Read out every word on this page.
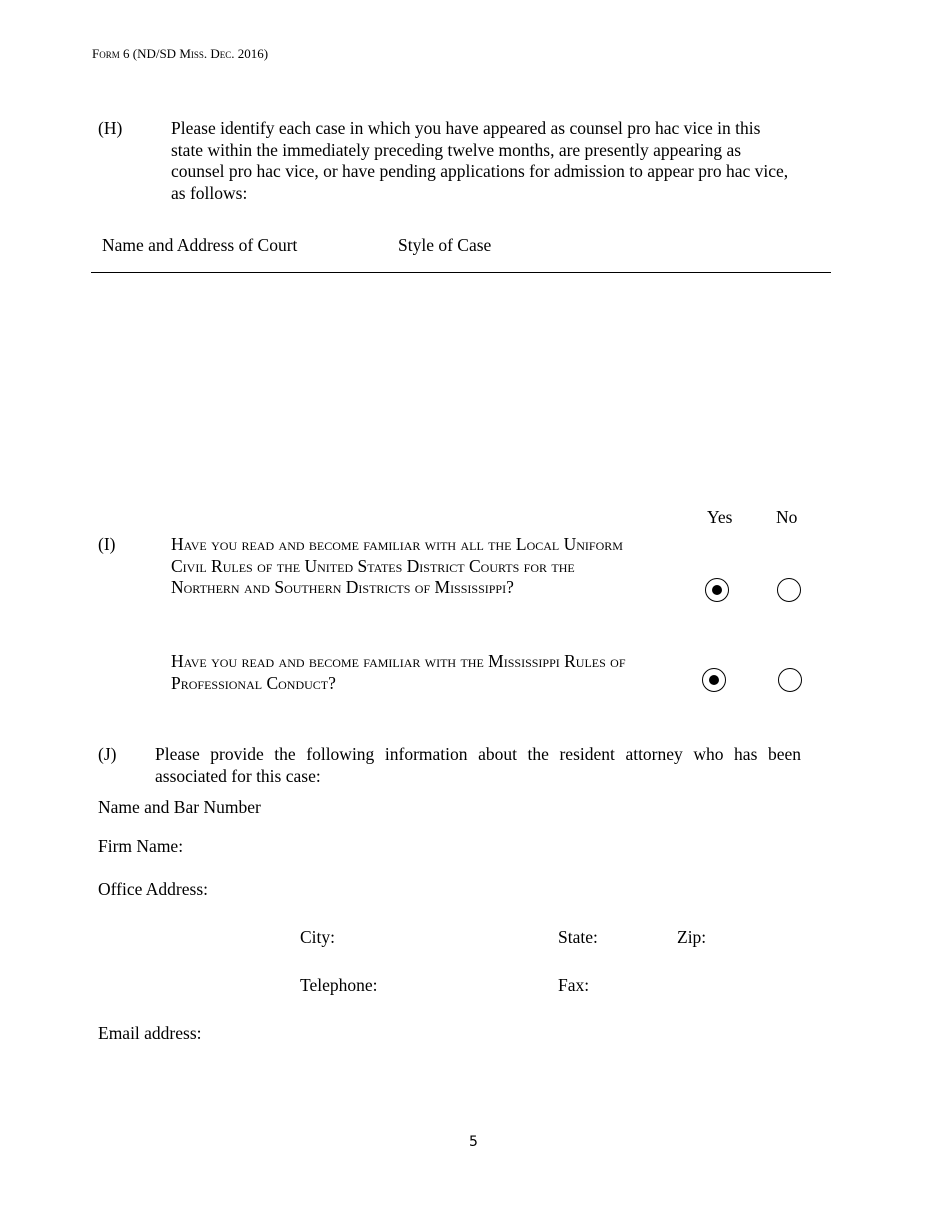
Form 6 (ND/SD Miss. Dec. 2016)
(H)	Please identify each case in which you have appeared as counsel pro hac vice in this state within the immediately preceding twelve months, are presently appearing as counsel pro hac vice, or have pending applications for admission to appear pro hac vice, as follows:
Name and Address of Court	Style of Case
Yes No
(I)	Have you read and become familiar with all the Local Uniform Civil Rules of the United States District Courts for the Northern and Southern Districts of Mississippi?
Have you read and become familiar with the Mississippi Rules of Professional Conduct?
(J) Please provide the following information about the resident attorney who has been associated for this case:
Name and Bar Number
Firm Name:
Office Address:
City:	State:	Zip:
Telephone:	Fax:
Email address:
5
